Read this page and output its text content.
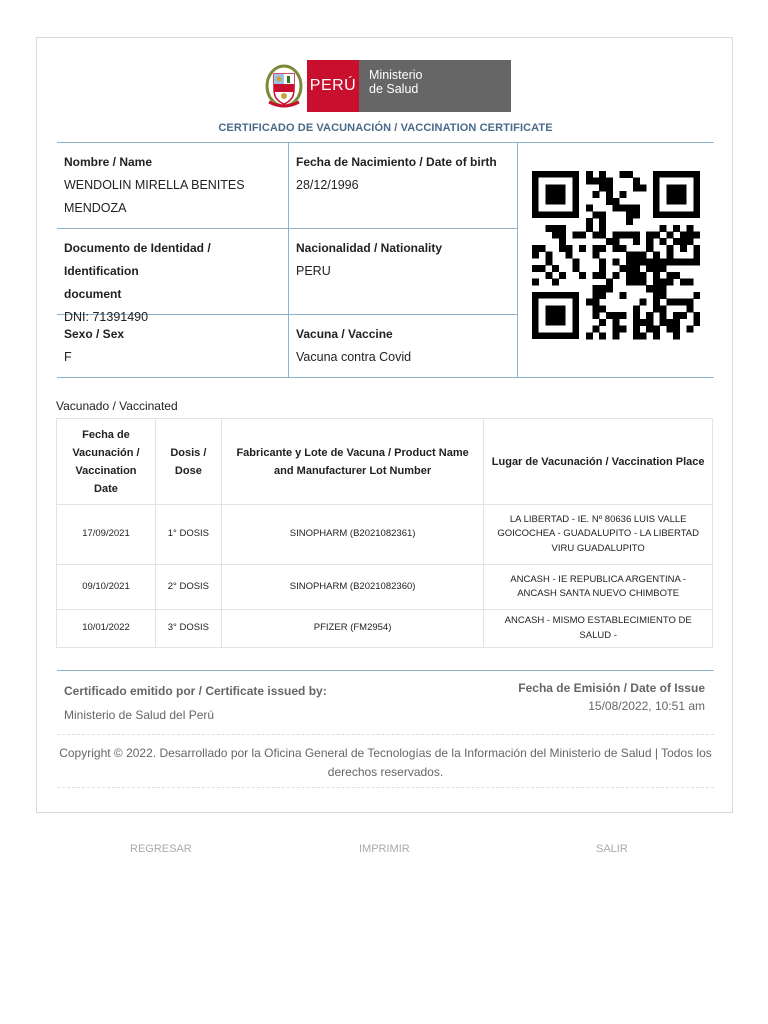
PERÚ
Ministerio
de Salud
CERTIFICADO DE VACUNACIÓN / VACCINATION CERTIFICATE
Nombre / Name
WENDOLIN MIRELLA BENITES
MENDOZA
Fecha de Nacimiento / Date of birth
28/12/1996
Documento de Identidad / Identification
document
DNI: 71391490
Nacionalidad / Nationality
PERU
Sexo / Sex
F
Vacuna / Vaccine
Vacuna contra Covid
Vacunado / Vaccinated
Fecha de Vacunación / Vaccination Date	Dosis / Dose	Fabricante y Lote de Vacuna / Product Name and Manufacturer Lot Number	Lugar de Vacunación / Vaccination Place
17/09/2021	1° DOSIS	SINOPHARM (B2021082361)	LA LIBERTAD - IE. Nº 80636 LUIS VALLE GOICOCHEA - GUADALUPITO - LA LIBERTAD VIRU GUADALUPITO
09/10/2021	2° DOSIS	SINOPHARM (B2021082360)	ANCASH - IE REPUBLICA ARGENTINA - ANCASH SANTA NUEVO CHIMBOTE
10/01/2022	3° DOSIS	PFIZER (FM2954)	ANCASH - MISMO ESTABLECIMIENTO DE SALUD -
Certificado emitido por / Certificate issued by:
Ministerio de Salud del Perú
Fecha de Emisión / Date of Issue
15/08/2022, 10:51 am
Copyright © 2022. Desarrollado por la Oficina General de Tecnologías de la Información del Ministerio de Salud | Todos los derechos reservados.
REGRESAR	IMPRIMIR	SALIR
